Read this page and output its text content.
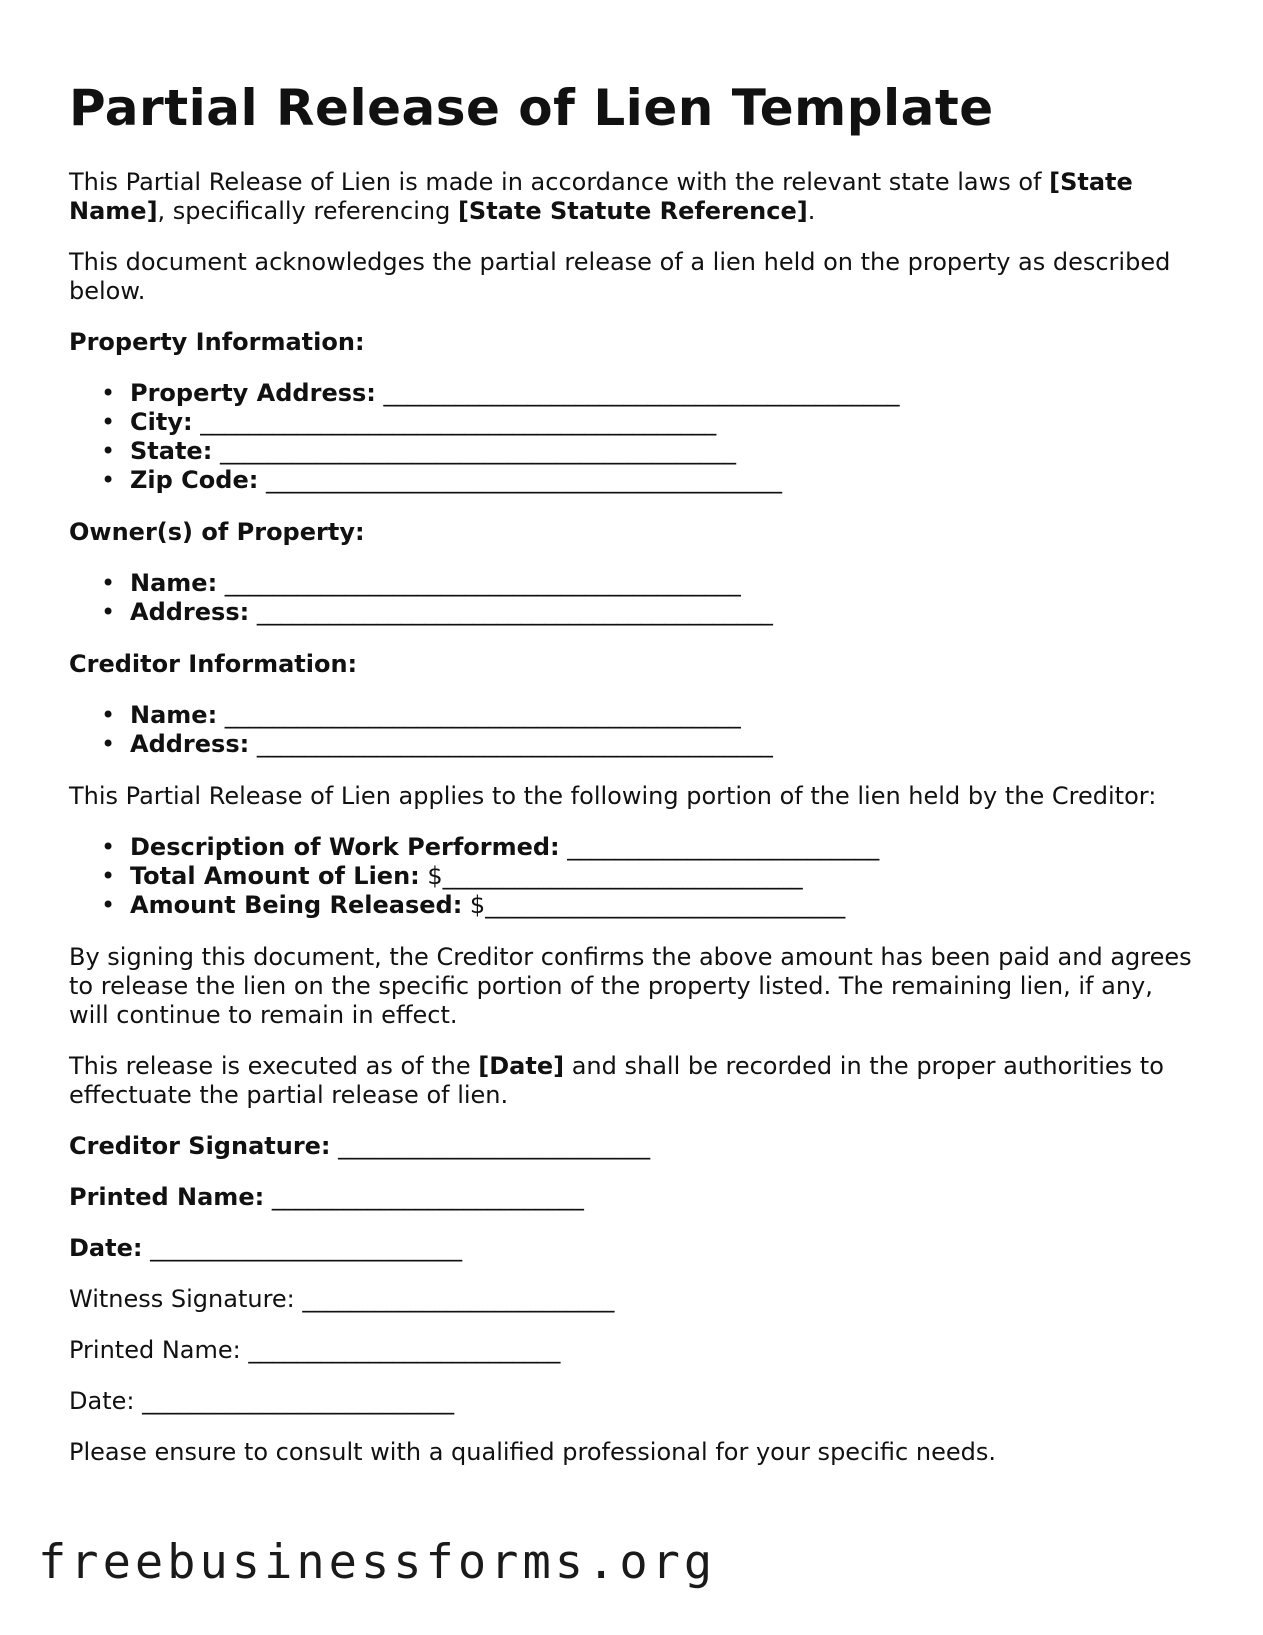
Partial Release of Lien Template

This Partial Release of Lien is made in accordance with the relevant state laws of [State Name], specifically referencing [State Statute Reference].

This document acknowledges the partial release of a lien held on the property as described below.

Property Information:

• Property Address: ___________________________________________
• City: ___________________________________________
• State: ___________________________________________
• Zip Code: ___________________________________________

Owner(s) of Property:

• Name: ___________________________________________
• Address: ___________________________________________

Creditor Information:

• Name: ___________________________________________
• Address: ___________________________________________

This Partial Release of Lien applies to the following portion of the lien held by the Creditor:

• Description of Work Performed: __________________________
• Total Amount of Lien: $______________________________
• Amount Being Released: $______________________________

By signing this document, the Creditor confirms the above amount has been paid and agrees to release the lien on the specific portion of the property listed. The remaining lien, if any, will continue to remain in effect.

This release is executed as of the [Date] and shall be recorded in the proper authorities to effectuate the partial release of lien.

Creditor Signature: __________________________

Printed Name: __________________________

Date: __________________________

Witness Signature: __________________________

Printed Name: __________________________

Date: __________________________

Please ensure to consult with a qualified professional for your specific needs.

freebusinessforms.org
